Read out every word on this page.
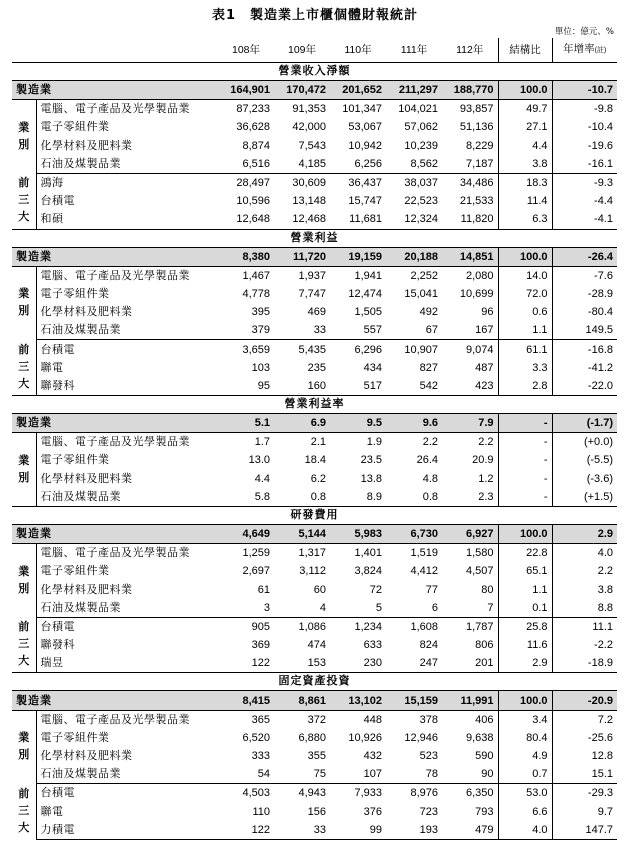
表1　製造業上市櫃個體財報統計
單位：億元、%
		108年	109年	110年	111年	112年	結構比	年增率(註)
營業收入淨額								
製造業		164,901	170,472	201,652	211,297	188,770	100.0	-10.7

業
別	電腦、電子產品及光學製品業	87,233	91,353	101,347	104,021	93,857	49.7	-9.8
	電子零組件業	36,628	42,000	53,067	57,062	51,136	27.1	-10.4
	化學材料及肥料業	8,874	7,543	10,942	10,239	8,229	4.4	-19.6
	石油及煤製品業	6,516	4,185	6,256	8,562	7,187	3.8	-16.1

前
三
大	鴻海	28,497	30,609	36,437	38,037	34,486	18.3	-9.3
	台積電	10,596	13,148	15,747	22,523	21,533	11.4	-4.4
	和碩	12,648	12,468	11,681	12,324	11,820	6.3	-4.1
營業利益								
製造業		8,380	11,720	19,159	20,188	14,851	100.0	-26.4

業
別	電腦、電子產品及光學製品業	1,467	1,937	1,941	2,252	2,080	14.0	-7.6
	電子零組件業	4,778	7,747	12,474	15,041	10,699	72.0	-28.9
	化學材料及肥料業	395	469	1,505	492	96	0.6	-80.4
	石油及煤製品業	379	33	557	67	167	1.1	149.5

前
三
大	台積電	3,659	5,435	6,296	10,907	9,074	61.1	-16.8
	聯電	103	235	434	827	487	3.3	-41.2
	聯發科	95	160	517	542	423	2.8	-22.0
營業利益率								
製造業		5.1	6.9	9.5	9.6	7.9	-	(-1.7)

業
別	電腦、電子產品及光學製品業	1.7	2.1	1.9	2.2	2.2	-	(+0.0)
	電子零組件業	13.0	18.4	23.5	26.4	20.9	-	(-5.5)
	化學材料及肥料業	4.4	6.2	13.8	4.8	1.2	-	(-3.6)
	石油及煤製品業	5.8	0.8	8.9	0.8	2.3	-	(+1.5)
研發費用								
製造業		4,649	5,144	5,983	6,730	6,927	100.0	2.9

業
別	電腦、電子產品及光學製品業	1,259	1,317	1,401	1,519	1,580	22.8	4.0
	電子零組件業	2,697	3,112	3,824	4,412	4,507	65.1	2.2
	化學材料及肥料業	61	60	72	77	80	1.1	3.8
	石油及煤製品業	3	4	5	6	7	0.1	8.8

前
三
大	台積電	905	1,086	1,234	1,608	1,787	25.8	11.1
	聯發科	369	474	633	824	806	11.6	-2.2
	瑞昱	122	153	230	247	201	2.9	-18.9
固定資產投資								
製造業		8,415	8,861	13,102	15,159	11,991	100.0	-20.9

業
別	電腦、電子產品及光學製品業	365	372	448	378	406	3.4	7.2
	電子零組件業	6,520	6,880	10,926	12,946	9,638	80.4	-25.6
	化學材料及肥料業	333	355	432	523	590	4.9	12.8
	石油及煤製品業	54	75	107	78	90	0.7	15.1

前
三
大	台積電	4,503	4,943	7,933	8,976	6,350	53.0	-29.3
	聯電	110	156	376	723	793	6.6	9.7
	力積電	122	33	99	193	479	4.0	147.7
